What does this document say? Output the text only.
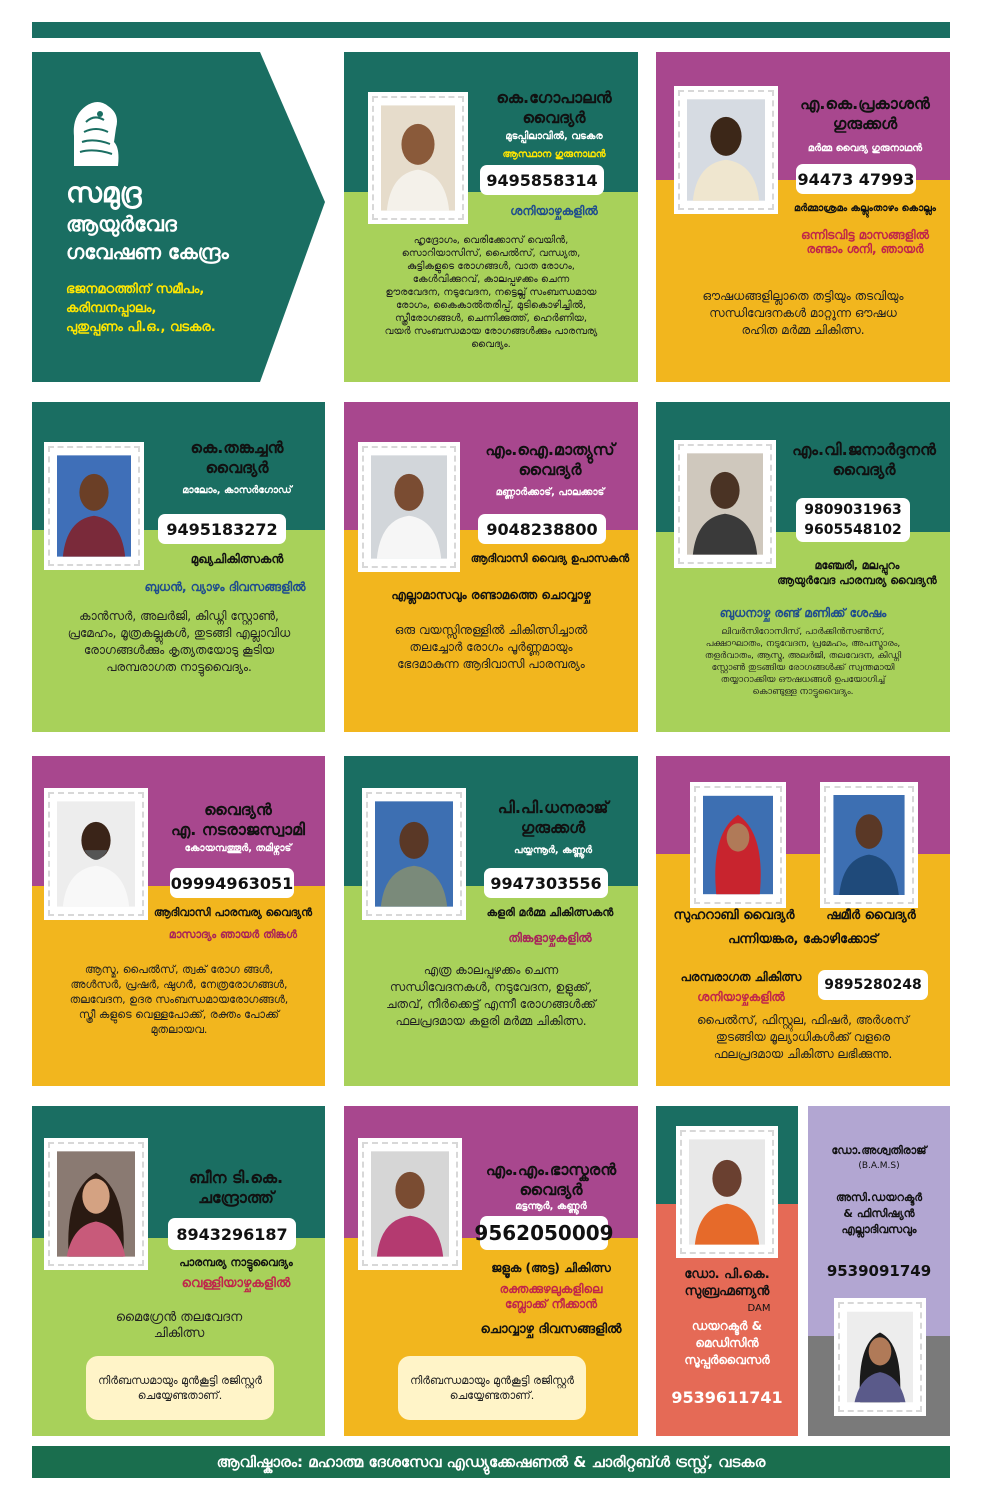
സമുദ്ര
ആയുർവേദ
ഗവേഷണ കേന്ദ്രം
ഭജനമഠത്തിന് സമീപം,
കരിമ്പനപ്പാലം,
പുതുപ്പണം പി.ഒ., വടകര.
കെ.ഗോപാലൻ
വൈദ്യർ
മുടപ്പിലാവിൽ, വടകര
ആസ്ഥാന ഗുരുനാഥൻ
9495858314
ശനിയാഴ്ചകളിൽ
ഹൃദ്രോഗം, വെരിക്കോസ് വെയിൻ, സൊറിയാസിസ്, പൈൽസ്, വന്ധ്യത, കുട്ടികളുടെ രോഗങ്ങൾ, വാത രോഗം, കേൾവിക്കുറവ്, കാലപ്പഴക്കം ചെന്ന ഊരവേദന, നടുവേദന, നട്ടെല്ല് സംബന്ധമായ രോഗം, കൈകാൽതരിപ്പ്, മുടികൊഴിച്ചിൽ, സ്ത്രീരോഗങ്ങൾ, ചെന്നിക്കുത്ത്, ഹെർണിയ, വയർ സംബന്ധമായ രോഗങ്ങൾക്കും പാരമ്പര്യ വൈദ്യം.
എ.കെ.പ്രകാശൻ
ഗുരുക്കൾ
മർമ്മ വൈദ്യ ഗുരുനാഥൻ
94473 47993
മർമ്മാശ്രമം കല്ലുംതാഴം കൊല്ലം
ഒന്നിടവിട്ട മാസങ്ങളിൽ
രണ്ടാം ശനി, ഞായർ
ഔഷധങ്ങളില്ലാതെ തട്ടിയും തടവിയും സന്ധിവേദനകൾ മാറ്റുന്ന ഔഷധ രഹിത മർമ്മ ചികിത്സ.
കെ.തങ്കച്ചൻ
വൈദ്യർ
മാലോം, കാസർഗോഡ്
9495183272
മുഖ്യചികിത്സകൻ
ബുധൻ, വ്യാഴം ദിവസങ്ങളിൽ
കാൻസർ, അലർജി, കിഡ്നി സ്റ്റോൺ, പ്രമേഹം, മൂത്രകല്ലുകൾ, തുടങ്ങി എല്ലാവിധ രോഗങ്ങൾക്കും കൃത്യതയോടു കൂടിയ പരമ്പരാഗത നാട്ടുവൈദ്യം.
എം.ഐ.മാത്യുസ്
വൈദ്യർ
മണ്ണാർക്കാട്, പാലക്കാട്
9048238800
ആദിവാസി വൈദ്യ ഉപാസകൻ
എല്ലാമാസവും രണ്ടാമത്തെ ചൊവ്വാഴ്ച
ഒരു വയസ്സിനുള്ളിൽ ചികിത്സിച്ചാൽ തലച്ചോർ രോഗം പൂർണ്ണമായും ഭേദമാകുന്ന ആദിവാസി പാരമ്പര്യം
എം.വി.ജനാർദ്ദനൻ
വൈദ്യർ
9809031963
9605548102
മഞ്ചേരി, മലപ്പുറം
ആയുർവേദ പാരമ്പര്യ വൈദ്യൻ
ബുധനാഴ്ച രണ്ട് മണിക്ക് ശേഷം
ലിവർസിറോസിസ്, പാർക്കിൻസൺസ്, പക്ഷാഘാതം, നടുവേദന, പ്രമേഹം, അപസ്മാരം, തളർവാതം, ആസ്മ, അലർജി, തലവേദന, കിഡ്നി സ്റ്റോൺ തുടങ്ങിയ രോഗങ്ങൾക്ക് സ്വന്തമായി തയ്യാറാക്കിയ ഔഷധങ്ങൾ ഉപയോഗിച്ച് കൊണ്ടുള്ള നാട്ടുവൈദ്യം.
വൈദ്യൻ
എ. നടരാജസ്വാമി
കോയമ്പത്തൂർ, തമിഴ്നാട്
09994963051
ആദിവാസി പാരമ്പര്യ വൈദ്യൻ
മാസാദ്യം ഞായർ തിങ്കൾ
ആസ്മ, പൈൽസ്, ത്വക് രോഗ ങ്ങൾ, അൾസർ, പ്രഷർ, ഷുഗർ, നേത്രരോഗങ്ങൾ, തലവേദന, ഉദര സംബന്ധമായരോഗങ്ങൾ, സ്ത്രീ കളുടെ വെള്ളപോക്ക്, രക്തം പോക്ക് മുതലായവ.
പി.പി.ധനരാജ്
ഗുരുക്കൾ
പയ്യന്നൂർ, കണ്ണൂർ
9947303556
കളരി മർമ്മ ചികിത്സകൻ
തിങ്കളാഴ്ചകളിൽ
എത്ര കാലപ്പഴക്കം ചെന്ന സന്ധിവേദനകൾ, നടുവേദന, ഉളുക്ക്, ചതവ്, നീർക്കെട്ട് എന്നീ രോഗങ്ങൾക്ക് ഫലപ്രദമായ കളരി മർമ്മ ചികിത്സ.
സുഹറാബി വൈദ്യർ	ഷമീർ വൈദ്യർ
പന്നിയങ്കര, കോഴിക്കോട്
പരമ്പരാഗത ചികിത്സ
ശനിയാഴ്ചകളിൽ
9895280248
പൈൽസ്, ഫിസ്റ്റുല, ഫിഷർ, അർശസ് തുടങ്ങിയ മൂല്യാധികൾക്ക് വളരെ ഫലപ്രദമായ ചികിത്സ ലഭിക്കുന്നു.
ബീന ടി.കെ.
ചന്ദ്രോത്ത്
8943296187
പാരമ്പര്യ നാട്ടുവൈദ്യം
വെള്ളിയാഴ്ചകളിൽ
മൈഗ്രേൻ തലവേദന ചികിത്സ
നിർബന്ധമായും മുൻകൂട്ടി രജിസ്റ്റർ ചെയ്യേണ്ടതാണ്.
എം.എം.ഭാസ്കരൻ
വൈദ്യർ
മട്ടന്നൂർ, കണ്ണൂർ
9562050009
ജളൂക (അട്ട) ചികിത്സ
രക്തക്കുഴലുകളിലെ
ബ്ലോക്ക് നീക്കാൻ
ചൊവ്വാഴ്ച ദിവസങ്ങളിൽ
നിർബന്ധമായും മുൻകൂട്ടി രജിസ്റ്റർ ചെയ്യേണ്ടതാണ്.
ഡോ. പി.കെ.
സുബ്രഹ്മണ്യൻ
DAM
ഡയറക്ടർ &
മെഡിസിൻ
സൂപ്പർവൈസർ
9539611741
ഡോ.അശ്വതിരാജ്
(B.A.M.S)
അസി.ഡയറക്ടർ
& ഫിസിഷ്യൻ
എല്ലാദിവസവും
9539091749
ആവിഷ്കാരം: മഹാത്മ ദേശസേവ എഡ്യുക്കേഷണൽ & ചാരിറ്റബ്ൾ ട്രസ്റ്റ്, വടകര
